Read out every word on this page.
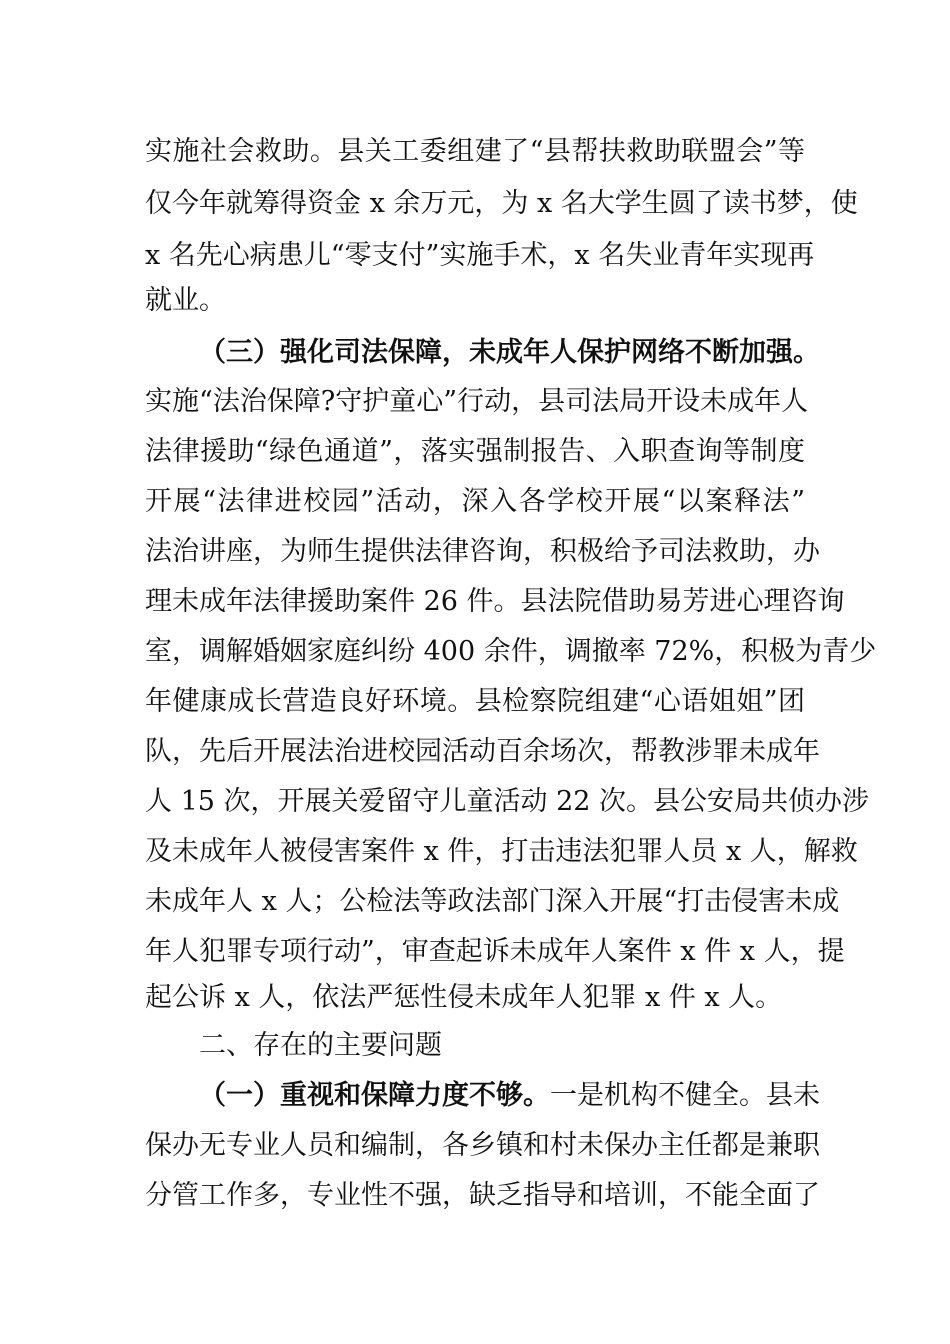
实施社会救助。县关工委组建了“县帮扶救助联盟会”等
仅今年就筹得资金 x 余万元，为 x 名大学生圆了读书梦，使
x 名先心病患儿“零支付”实施手术，x 名失业青年实现再
就业。
（三）强化司法保障，未成年人保护网络不断加强。
实施“法治保障?守护童心”行动，县司法局开设未成年人
法律援助“绿色通道”，落实强制报告、入职查询等制度
开展“法律进校园”活动，深入各学校开展“以案释法”
法治讲座，为师生提供法律咨询，积极给予司法救助，办
理未成年法律援助案件 26 件。县法院借助易芳进心理咨询
室，调解婚姻家庭纠纷 400 余件，调撤率 72%，积极为青少
年健康成长营造良好环境。县检察院组建“心语姐姐”团
队，先后开展法治进校园活动百余场次，帮教涉罪未成年
人 15 次，开展关爱留守儿童活动 22 次。县公安局共侦办涉
及未成年人被侵害案件 x 件，打击违法犯罪人员 x 人，解救
未成年人 x 人；公检法等政法部门深入开展“打击侵害未成
年人犯罪专项行动”，审查起诉未成年人案件 x 件 x 人，提
起公诉 x 人，依法严惩性侵未成年人犯罪 x 件 x 人。
二、存在的主要问题
（一）重视和保障力度不够。一是机构不健全。县未
保办无专业人员和编制，各乡镇和村未保办主任都是兼职
分管工作多，专业性不强，缺乏指导和培训，不能全面了
